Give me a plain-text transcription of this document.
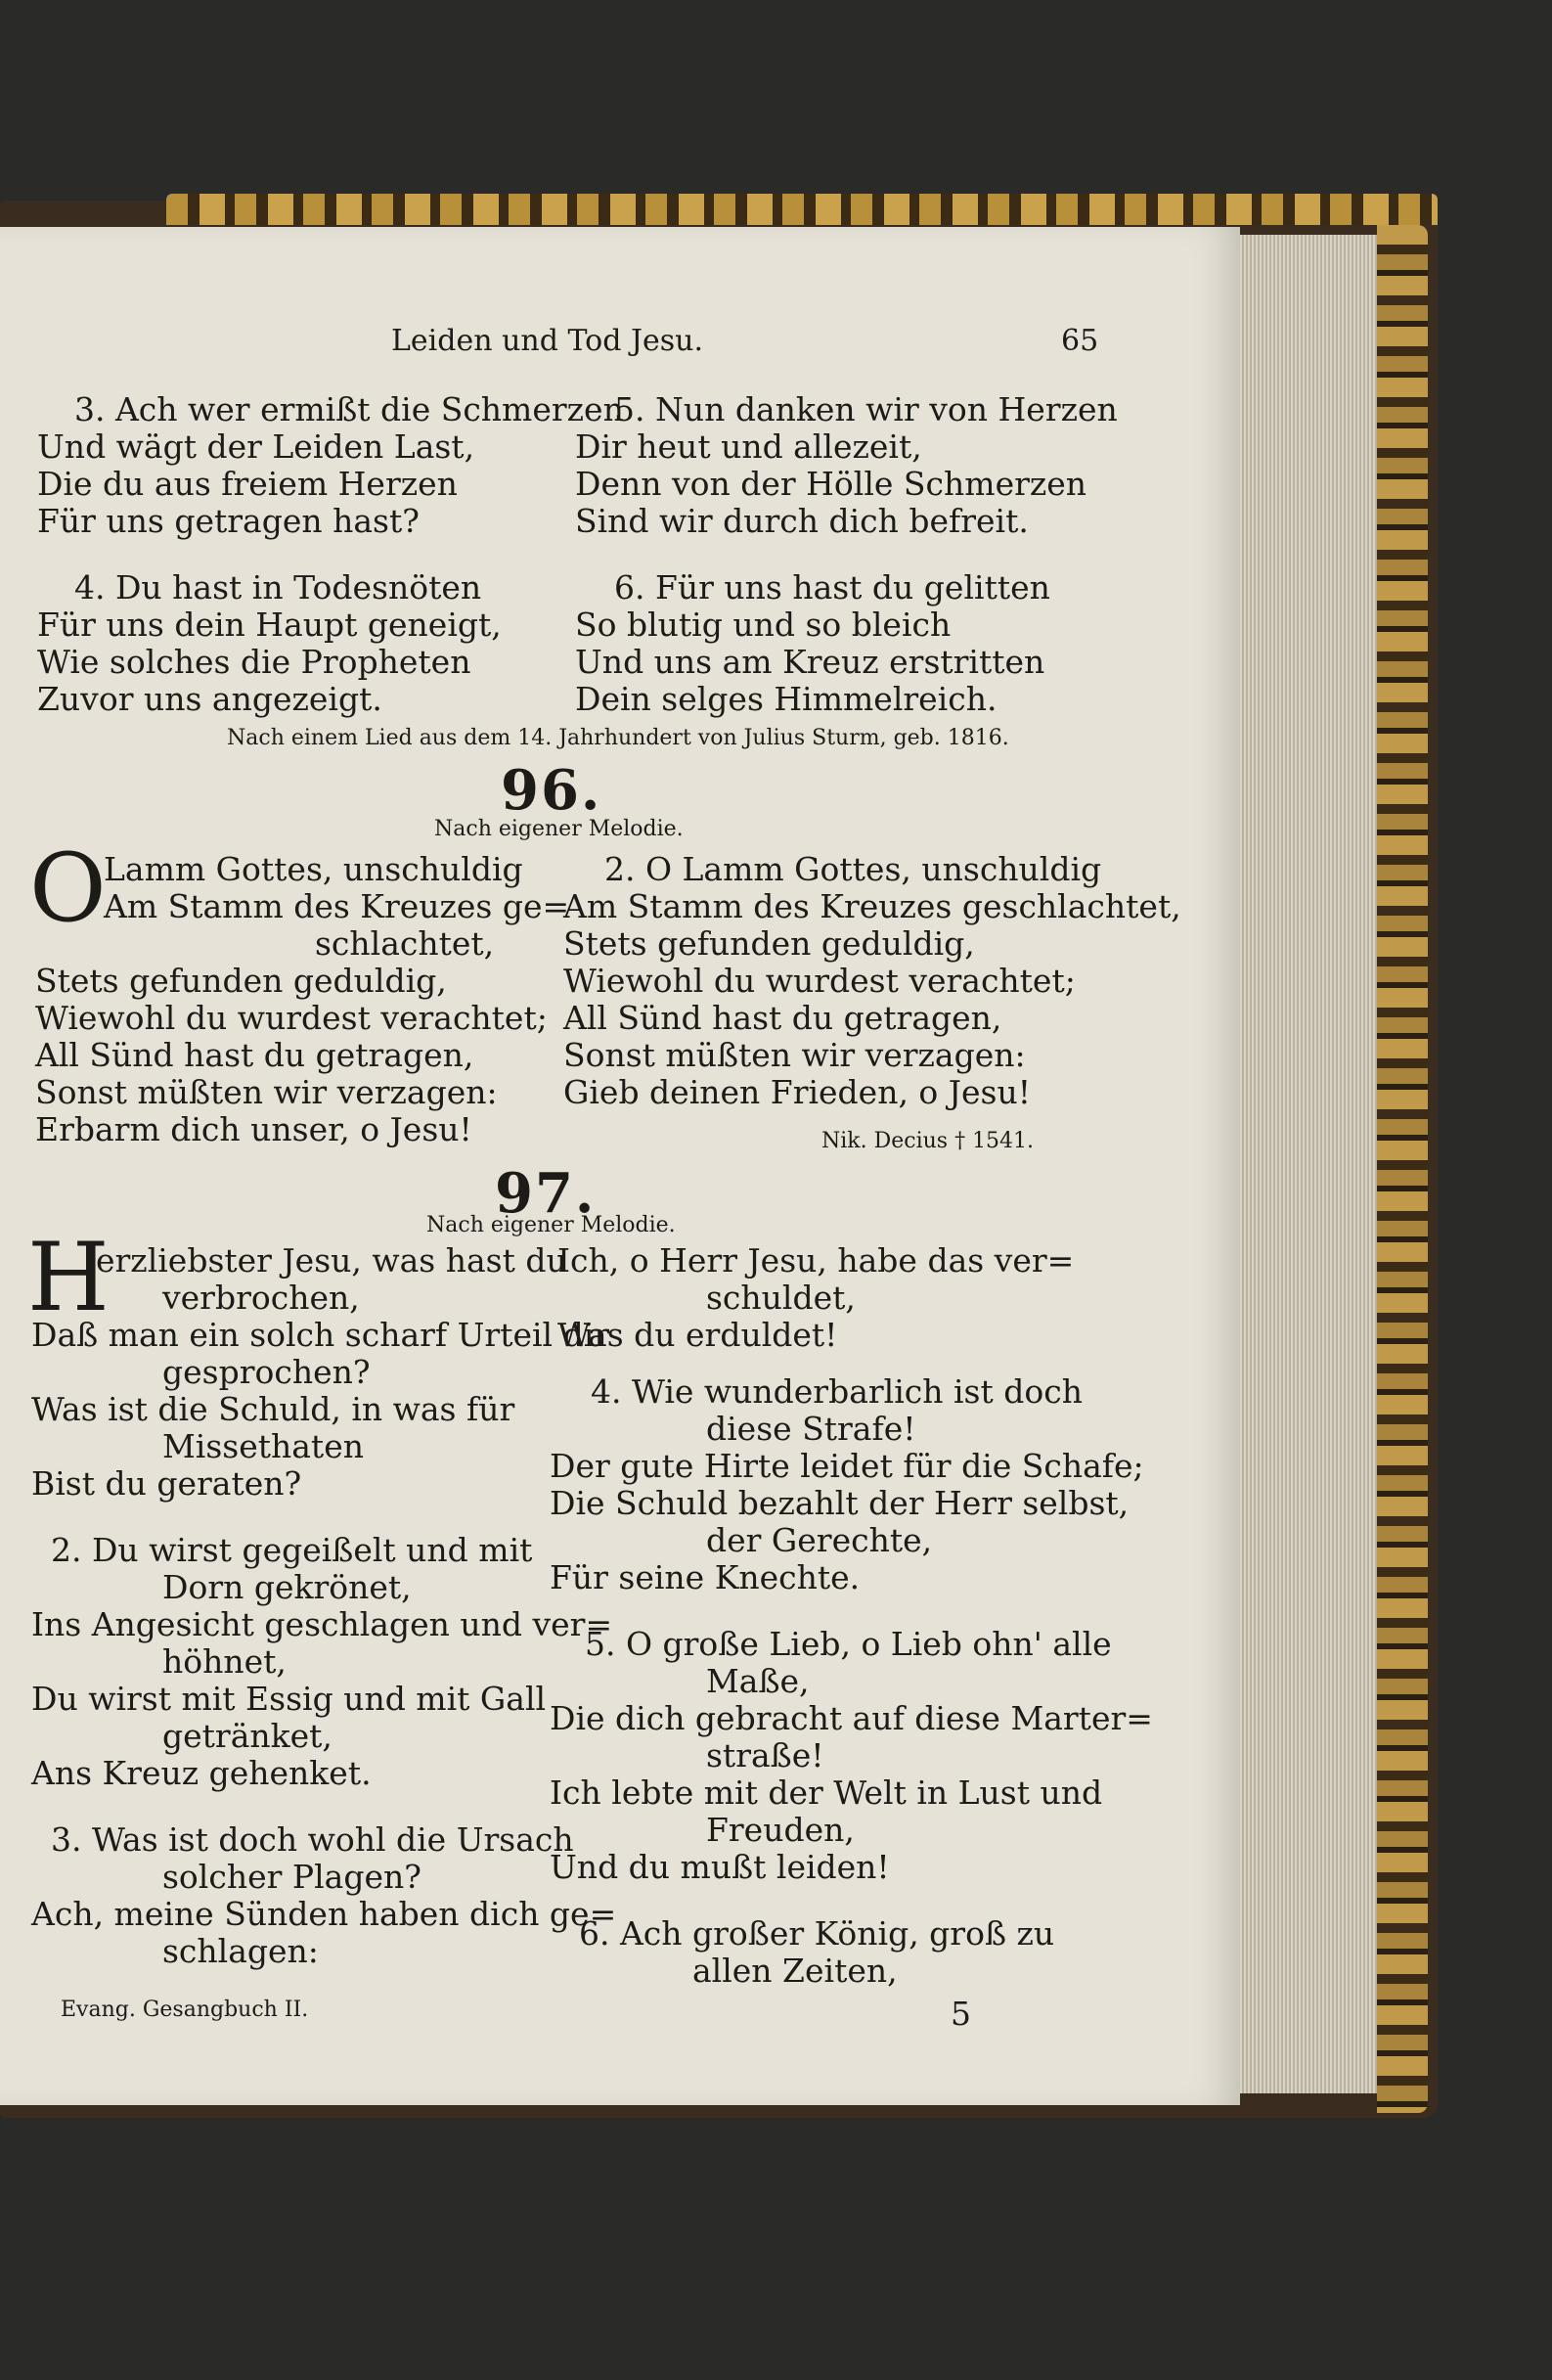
Leiden und Tod Jesu.	65
3. Ach wer ermißt die Schmerzen
Und wägt der Leiden Last,
Die du aus freiem Herzen
Für uns getragen hast?
4. Du hast in Todesnöten
Für uns dein Haupt geneigt,
Wie solches die Propheten
Zuvor uns angezeigt.
5. Nun danken wir von Herzen
Dir heut und allezeit,
Denn von der Hölle Schmerzen
Sind wir durch dich befreit.
6. Für uns hast du gelitten
So blutig und so bleich
Und uns am Kreuz erstritten
Dein selges Himmelreich.
Nach einem Lied aus dem 14. Jahrhundert von Julius Sturm, geb. 1816.
96.
Nach eigener Melodie.
O
Lamm Gottes, unschuldig
Am Stamm des Kreuzes ge=
schlachtet,
Stets gefunden geduldig,
Wiewohl du wurdest verachtet;
All Sünd hast du getragen,
Sonst müßten wir verzagen:
Erbarm dich unser, o Jesu!
2. O Lamm Gottes, unschuldig
Am Stamm des Kreuzes geschlachtet,
Stets gefunden geduldig,
Wiewohl du wurdest verachtet;
All Sünd hast du getragen,
Sonst müßten wir verzagen:
Gieb deinen Frieden, o Jesu!
Nik. Decius † 1541.
97.
Nach eigener Melodie.
H
erzliebster Jesu, was hast du
verbrochen,
Daß man ein solch scharf Urteil dir
gesprochen?
Was ist die Schuld, in was für
Missethaten
Bist du geraten?
2. Du wirst gegeißelt und mit
Dorn gekrönet,
Ins Angesicht geschlagen und ver=
höhnet,
Du wirst mit Essig und mit Gall
getränket,
Ans Kreuz gehenket.
3. Was ist doch wohl die Ursach
solcher Plagen?
Ach, meine Sünden haben dich ge=
schlagen:
Ich, o Herr Jesu, habe das ver=
schuldet,
Was du erduldet!
4. Wie wunderbarlich ist doch
diese Strafe!
Der gute Hirte leidet für die Schafe;
Die Schuld bezahlt der Herr selbst,
der Gerechte,
Für seine Knechte.
5. O große Lieb, o Lieb ohn' alle
Maße,
Die dich gebracht auf diese Marter=
straße!
Ich lebte mit der Welt in Lust und
Freuden,
Und du mußt leiden!
6. Ach großer König, groß zu
allen Zeiten,
Evang. Gesangbuch II.	5
